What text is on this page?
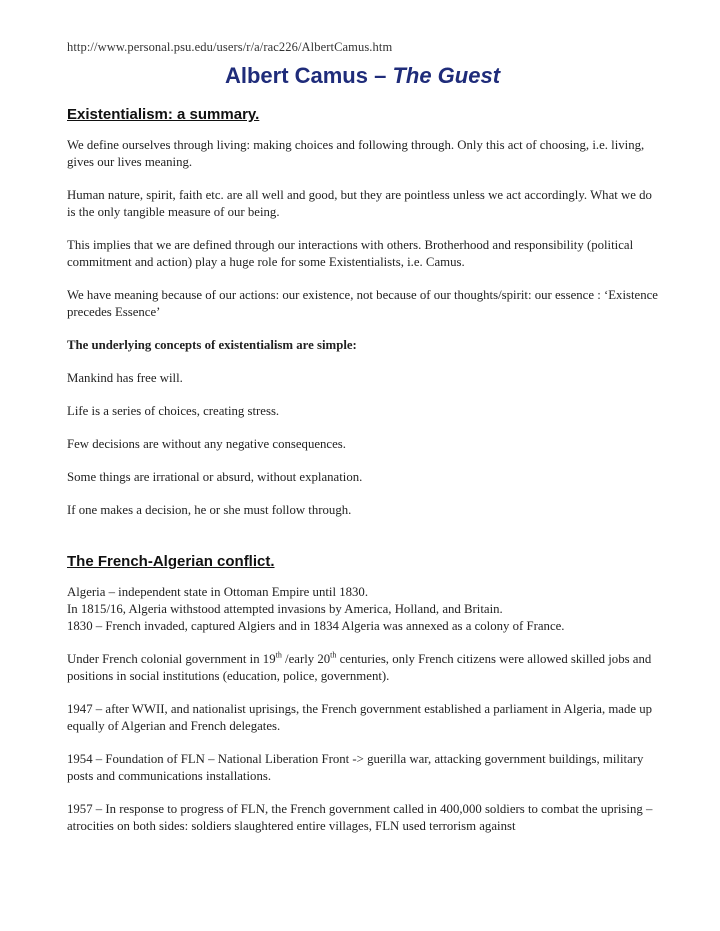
http://www.personal.psu.edu/users/r/a/rac226/AlbertCamus.htm
Albert Camus – The Guest
Existentialism: a summary.

We define ourselves through living: making choices and following through. Only this act of choosing, i.e. living, gives our lives meaning.

Human nature, spirit, faith etc. are all well and good, but they are pointless unless we act accordingly. What we do is the only tangible measure of our being.

This implies that we are defined through our interactions with others. Brotherhood and responsibility (political commitment and action) play a huge role for some Existentialists, i.e. Camus.

We have meaning because of our actions: our existence, not because of our thoughts/spirit: our essence : ‘Existence precedes Essence’

The underlying concepts of existentialism are simple:

Mankind has free will.

Life is a series of choices, creating stress.

Few decisions are without any negative consequences.

Some things are irrational or absurd, without explanation.

If one makes a decision, he or she must follow through.

The French-Algerian conflict.

Algeria – independent state in Ottoman Empire until 1830.

In 1815/16, Algeria withstood attempted invasions by America, Holland, and Britain.

1830 – French invaded, captured Algiers and in 1834 Algeria was annexed as a colony of France.

Under French colonial government in 19th /early 20th centuries, only French citizens were allowed skilled jobs and positions in social institutions (education, police, government).

1947 – after WWII, and nationalist uprisings, the French government established a parliament in Algeria, made up equally of Algerian and French delegates.

1954 – Foundation of FLN – National Liberation Front -> guerilla war, attacking government buildings, military posts and communications installations.

1957 – In response to progress of FLN, the French government called in 400,000 soldiers to combat the uprising – atrocities on both sides: soldiers slaughtered entire villages, FLN used terrorism against
